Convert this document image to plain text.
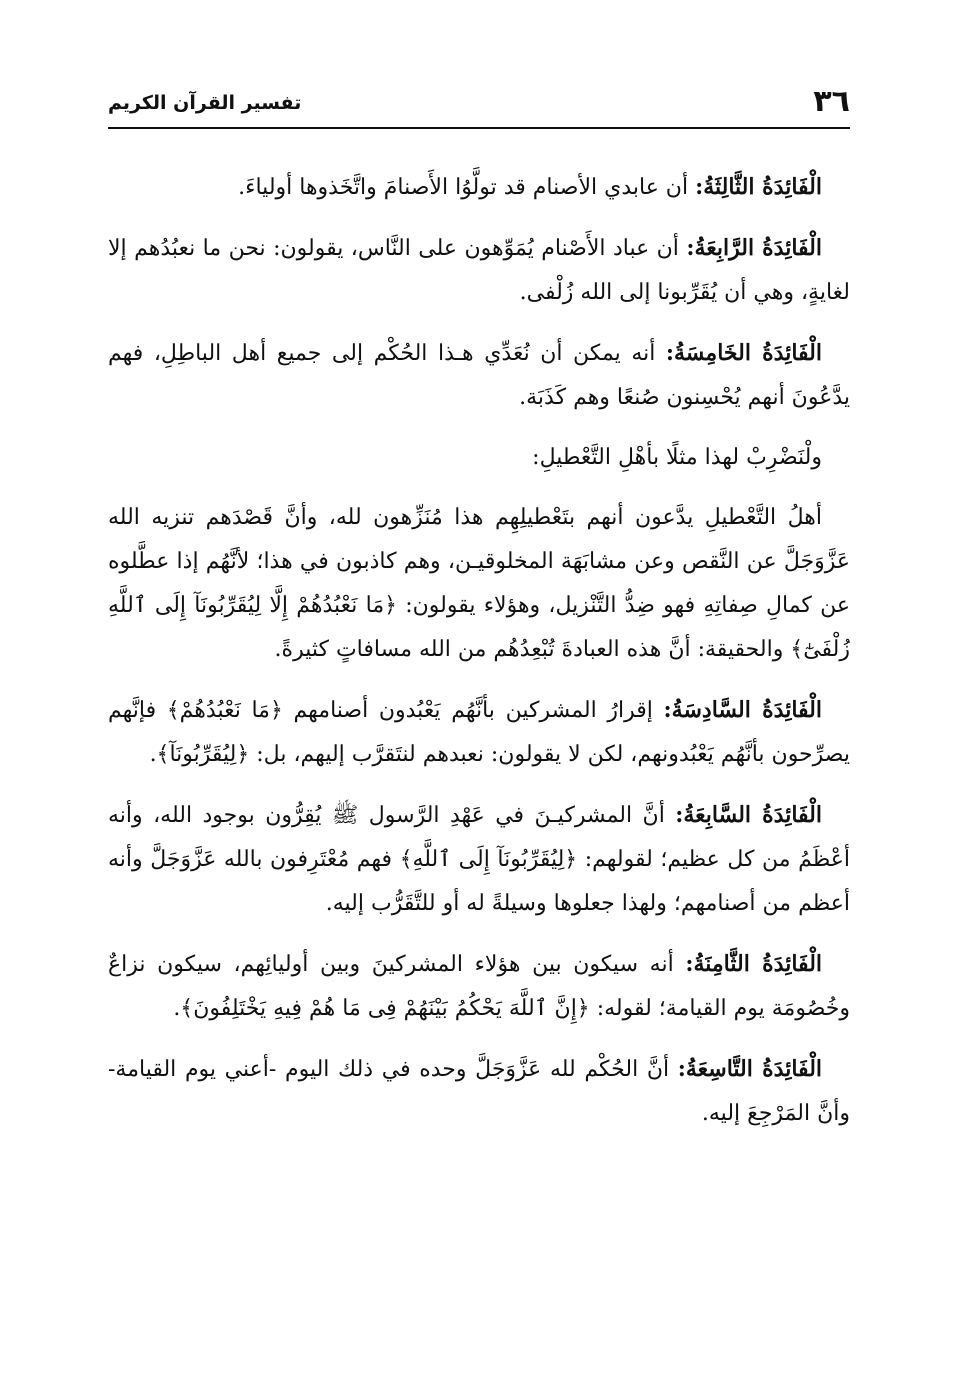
٣٦
تفسير القرآن الكريم

الْفَائِدَةُ الثَّالِثَةُ: أن عابدي الأصنام قد تولَّوُا الأَصنامَ واتَّخَذوها أولياءَ.

الْفَائِدَةُ الرَّابِعَةُ: أن عباد الأَصْنام يُمَوِّهون على النَّاس، يقولون: نحن ما نعبُدُهم إلا لغايةٍ، وهي أن يُقَرِّبونا إلى الله زُلْفى.

الْفَائِدَةُ الخَامِسَةُ: أنه يمكن أن نُعَدِّي هـذا الحُكْم إلى جميع أهل الباطِلِ، فهم يدَّعُونَ أنهم يُحْسِنون صُنعًا وهم كَذَبَة.

ولْنَضْرِبْ لهذا مثلًا بأهْلِ التَّعْطيلِ:

أهلُ التَّعْطيلِ يدَّعون أنهم بتَعْطيلِهِم هذا مُنَزِّهون لله، وأنَّ قَصْدَهم تنزيه الله عَزَّوَجَلَّ عن النَّقص وعن مشابَهَة المخلوقيـن، وهم كاذبون في هذا؛ لأنَّهُم إذا عطَّلوه عن كمالِ صِفاتِهِ فهو ضِدُّ التَّنْزيل، وهؤلاء يقولون: ﴿مَا نَعْبُدُهُمْ إِلَّا لِيُقَرِّبُونَآ إِلَى ٱللَّهِ زُلْفَىٰٓ﴾ والحقيقة: أنَّ هذه العبادةَ تُبْعِدُهُم من الله مسافاتٍ كثيرةً.

الْفَائِدَةُ السَّادِسَةُ: إقرارُ المشركين بأنَّهُم يَعْبُدون أصنامهم ﴿مَا نَعْبُدُهُمْ﴾ فإنَّهم يصرِّحون بأنَّهُم يَعْبُدونهم، لكن لا يقولون: نعبدهم لنتَقرَّب إليهم، بل: ﴿لِيُقَرِّبُونَآ﴾.

الْفَائِدَةُ السَّابِعَةُ: أنَّ المشركيـنَ في عَهْدِ الرَّسول ﷺ يُقِرُّون بوجود الله، وأنه أعْظَمُ من كل عظيم؛ لقولهم: ﴿لِيُقَرِّبُونَآ إِلَى ٱللَّهِ﴾ فهم مُعْتَرِفون بالله عَزَّوَجَلَّ وأنه أعظم من أصنامهم؛ ولهذا جعلوها وسيلةً له أو للتَّقَرُّب إليه.

الْفَائِدَةُ الثَّامِنَةُ: أنه سيكون بين هؤلاء المشركينَ وبين أوليائِهم، سيكون نزاعٌ وخُصُومَة يوم القيامة؛ لقوله: ﴿إِنَّ ٱللَّهَ يَحْكُمُ بَيْنَهُمْ فِى مَا هُمْ فِيهِ يَخْتَلِفُونَ﴾.

الْفَائِدَةُ التَّاسِعَةُ: أنَّ الحُكْم لله عَزَّوَجَلَّ وحده في ذلك اليوم -أعني يوم القيامة- وأنَّ المَرْجِعَ إليه.
